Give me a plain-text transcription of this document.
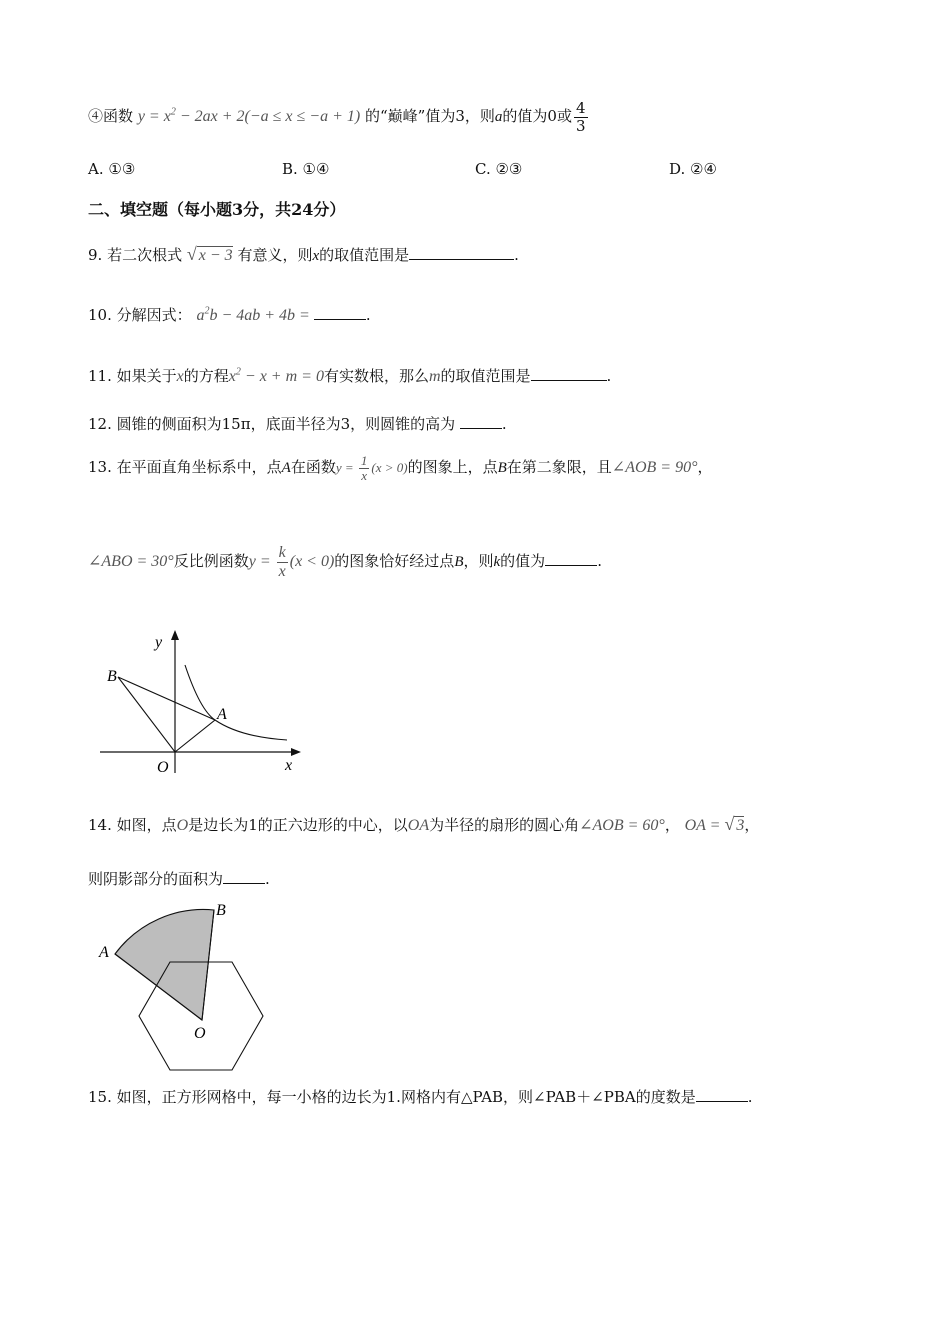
④函数 $y = x^2 - 2ax + 2(-a \le x \le -a + 1)$ 的“巅峰”值为3，则a的值为0或 $\frac{4}{3}$
A. ①③	B. ①④	C. ②③	D. ②④
二、填空题（每小题3分，共24分）
9. 若二次根式 √ x − 3 有意义，则x的取值范围是	.
10. 分解因式： $a^2b - 4ab + 4b$ =	.
11. 如果关于x的方程$x^2 - x + m = 0$有实数根，那么m的取值范围是	.
12. 圆锥的侧面积为15π，底面半径为3，则圆锥的高为	.
13. 在平面直角坐标系中，点A在函数$y = \frac{1}{x} (x > 0)$的图象上，点B在第二象限，且∠AOB = 90°，
∠ABO = 30°反比例函数$y = \frac{k}{x} (x < 0)$的图象恰好经过点B，则k的值为	.
y
x
O
A
B
14. 如图，点O是边长为1的正六边形的中心，以OA为半径的扇形的圆心角∠AOB = 60°， OA = √ 3，
则阴影部分的面积为	.
A
B
O
15. 如图，正方形网格中，每一小格的边长为1.网格内有△PAB，则∠PAB＋∠PBA的度数是	.
